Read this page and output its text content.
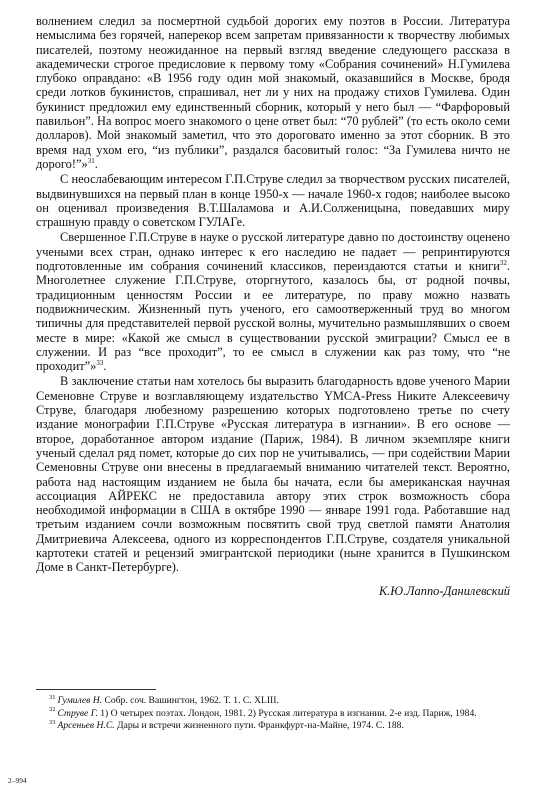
волнением следил за посмертной судьбой дорогих ему поэтов в России. Литература немыслима без горячей, наперекор всем запретам привязанности к творчеству любимых писателей, поэтому неожиданное на первый взгляд введение следующего рассказа в академически строгое предисловие к первому тому «Собрания сочинений» Н.Гумилева глубоко оправдано: «В 1956 году один мой знакомый, оказавшийся в Москве, бродя среди лотков букинистов, спрашивал, нет ли у них на продажу стихов Гумилева. Один букинист предложил ему единственный сборник, который у него был — “Фарфоровый павильон”. На вопрос моего знакомого о цене ответ был: “70 рублей” (то есть около семи долларов). Мой знакомый заметил, что это дороговато именно за этот сборник. В это время над ухом его, “из публики”, раздался басовитый голос: “За Гумилева ничто не дорого!”»$^{31}$.

С неослабевающим интересом Г.П.Струве следил за творчеством русских писателей, выдвинувшихся на первый план в конце 1950-х — начале 1960-х годов; наиболее высоко он оценивал произведения В.Т.Шаламова и А.И.Солженицына, поведавших миру страшную правду о советском ГУЛАГе.

Свершенное Г.П.Струве в науке о русской литературе давно по достоинству оценено учеными всех стран, однако интерес к его наследию не падает — репринтируются подготовленные им собрания сочинений классиков, переиздаются статьи и книги$^{32}$. Многолетнее служение Г.П.Струве, оторгнутого, казалось бы, от родной почвы, традиционным ценностям России и ее литературе, по праву можно назвать подвижническим. Жизненный путь ученого, его самоотверженный труд во многом типичны для представителей первой русской волны, мучительно размышлявших о своем месте в мире: «Какой же смысл в существовании русской эмиграции? Смысл ее в служении. И раз “все проходит”, то ее смысл в служении как раз тому, что “не проходит”»$^{33}$.

В заключение статьи нам хотелось бы выразить благодарность вдове ученого Марии Семеновне Струве и возглавляющему издательство YMCA-Press Никите Алексеевичу Струве, благодаря любезному разрешению которых подготовлено третье по счету издание монографии Г.П.Струве «Русская литература в изгнании». В его основе — второе, доработанное автором издание (Париж, 1984). В личном экземпляре книги ученый сделал ряд помет, которые до сих пор не учитывались, — при содействии Марии Семеновны Струве они внесены в предлагаемый вниманию читателей текст. Вероятно, работа над настоящим изданием не была бы начата, если бы американская научная ассоциация АЙРЕКС не предоставила автору этих строк возможность сбора необходимой информации в США в октябре 1990 — январе 1991 года. Работавшие над третьим изданием сочли возможным посвятить свой труд светлой памяти Анатолия Дмитриевича Алексеева, одного из корреспондентов Г.П.Струве, создателя уникальной картотеки статей и рецензий эмигрантской периодики (ныне хранится в Пушкинском Доме в Санкт-Петербурге).

К.Ю.Лаппо-Данилевский

$^{31}$ Гумилев Н. Собр. соч. Вашингтон, 1962. Т. 1. С. XLIII.

$^{32}$ Струве Г. 1) О четырех поэтах. Лондон, 1981. 2) Русская литература в изгнании. 2-е изд. Париж, 1984.

$^{33}$ Арсеньев Н.С. Дары и встречи жизненного пути. Франкфурт-на-Майне, 1974. С. 188.

2–994
